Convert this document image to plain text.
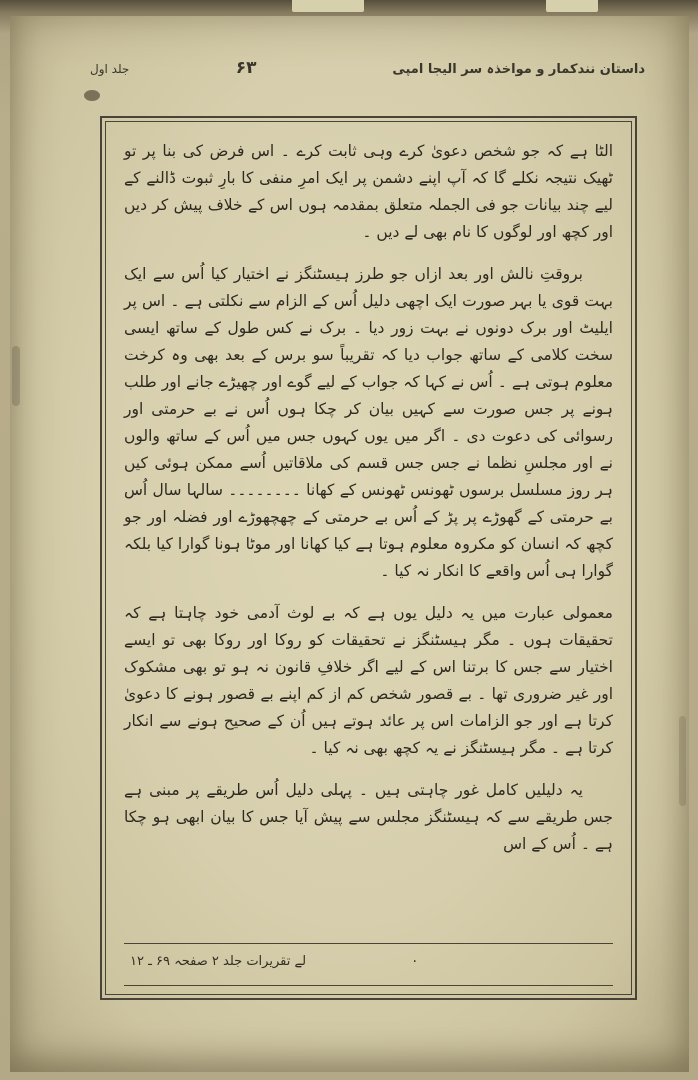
جلد اول	۶۳	داستان نندکمار و مواخذہ سر الیجا امپی

الٹا ہے کہ جو شخص دعویٰ کرے وہی ثابت کرے ۔ اس فرض کی بنا پر تو ٹھیک نتیجہ نکلے گا کہ آپ اپنے دشمن پر ایک امرِ منفی کا بارِ ثبوت ڈالنے کے لیے چند بیانات جو فی الجملہ متعلق بمقدمہ ہوں اس کے خلاف پیش کر دیں اور کچھ اور لوگوں کا نام بھی لے دیں ۔

بروقتِ نالش اور بعد ازاں جو طرز ہیسٹنگز نے اختیار کیا اُس سے ایک بہت قوی یا بہر صورت ایک اچھی دلیل اُس کے الزام سے نکلتی ہے ۔ اس پر ایلیٹ اور برک دونوں نے بہت زور دیا ۔ برک نے کس طول کے ساتھ ایسی سخت کلامی کے ساتھ جواب دیا کہ تقریباً سو برس کے بعد بھی وہ کرخت معلوم ہوتی ہے ۔ اُس نے کہا کہ جواب کے لیے گوے اور چھیڑے جانے اور طلب ہونے پر جس صورت سے کہیں بیان کر چکا ہوں اُس نے بے حرمتی اور رسوائی کی دعوت دی ۔ اگر میں یوں کہوں جس میں اُس کے ساتھ والوں نے اور مجلسِ نظما نے جس جس قسم کی ملاقاتیں اُسے ممکن ہوئی کیں ہر روز مسلسل برسوں ٹھونس ٹھونس کے کھانا ۔۔۔۔۔۔۔۔ سالہا سال اُس بے حرمتی کے گھوڑے پر پڑ کے اُس بے حرمتی کے چھچھوڑے اور فضلہ اور جو کچھ کہ انسان کو مکروہ معلوم ہوتا ہے کیا کھانا اور موٹا ہونا گوارا کیا بلکہ گوارا ہی اُس واقعے کا انکار نہ کیا ۔

معمولی عبارت میں یہ دلیل یوں ہے کہ بے لوث آدمی خود چاہتا ہے کہ تحقیقات ہوں ۔ مگر ہیسٹنگز نے تحقیقات کو روکا اور روکا بھی تو ایسے اختیار سے جس کا برتنا اس کے لیے اگر خلافِ قانون نہ ہو تو بھی مشکوک اور غیر ضروری تھا ۔ بے قصور شخص کم از کم اپنے بے قصور ہونے کا دعویٰ کرتا ہے اور جو الزامات اس پر عائد ہوتے ہیں اُن کے صحیح ہونے سے انکار کرتا ہے ۔ مگر ہیسٹنگز نے یہ کچھ بھی نہ کیا ۔

یہ دلیلیں کامل غور چاہتی ہیں ۔ پہلی دلیل اُس طریقے پر مبنی ہے جس طریقے سے کہ ہیسٹنگز مجلس سے پیش آیا جس کا بیان ابھی ہو چکا ہے ۔ اُس کے اس

لے تقریرات جلد ۲ صفحہ ۶۹ ـ ۱۲	·
